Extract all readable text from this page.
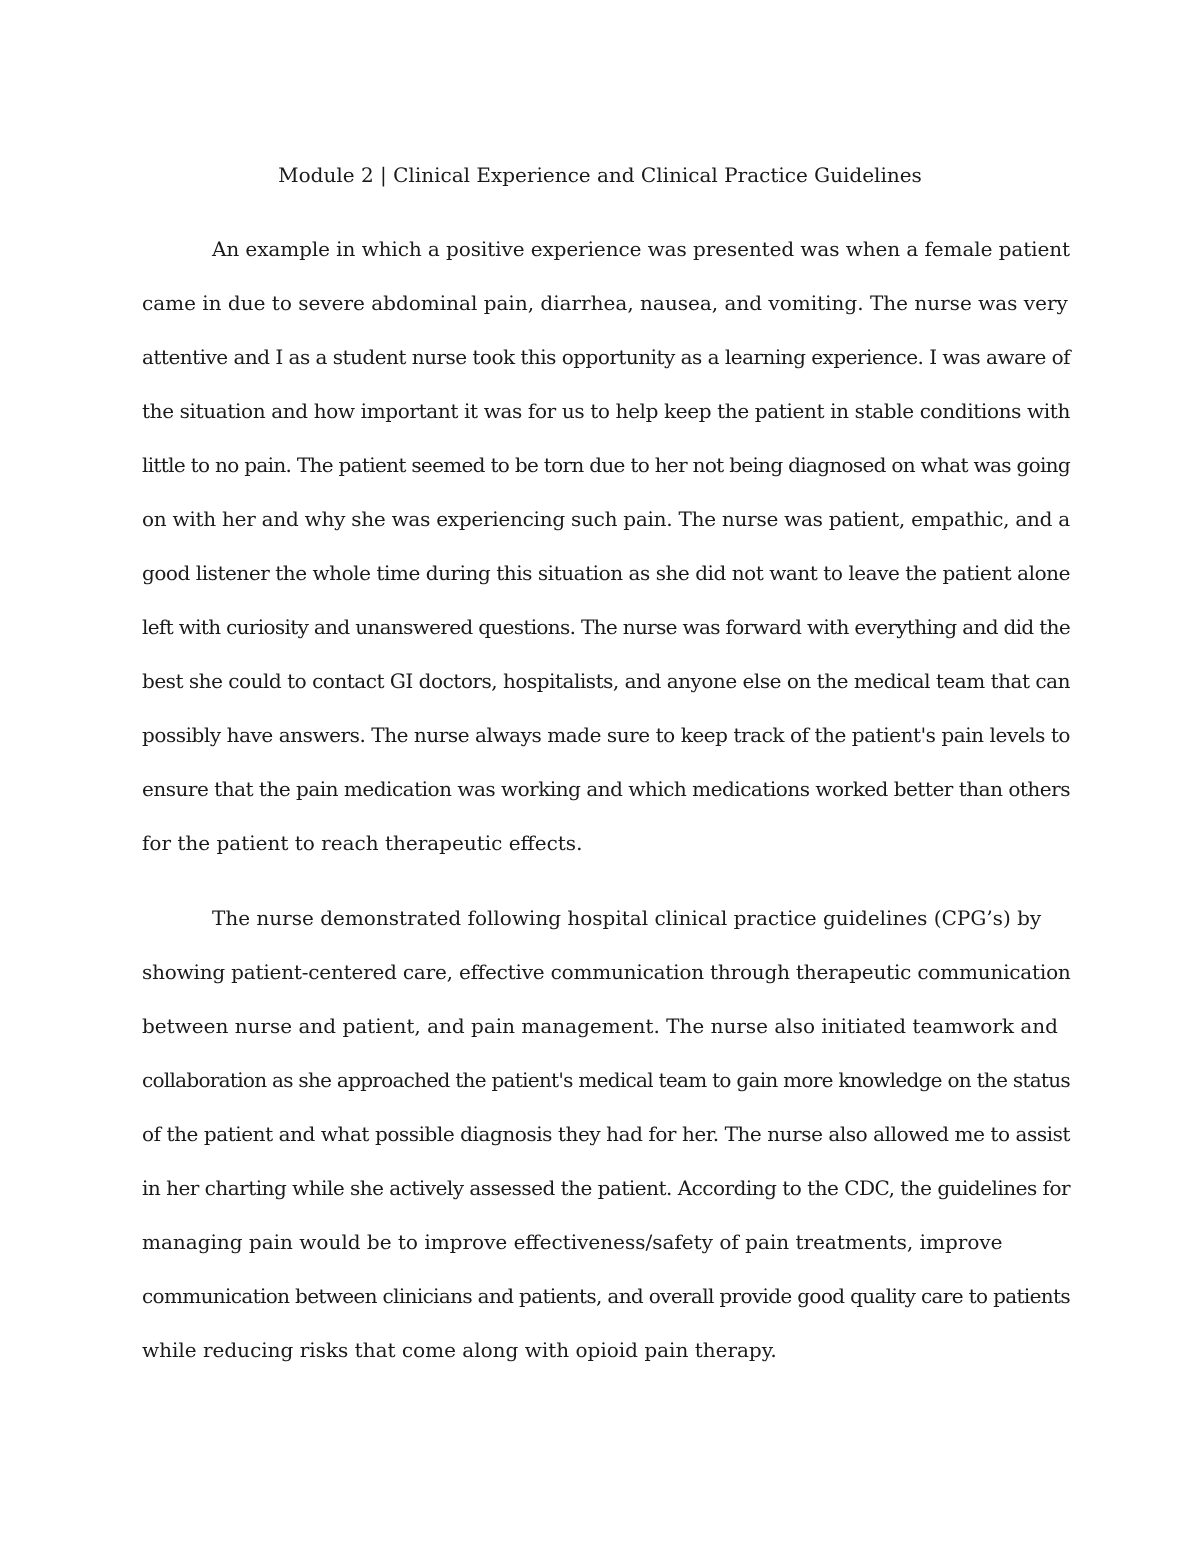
Module 2 | Clinical Experience and Clinical Practice Guidelines
An example in which a positive experience was presented was when a female patient
came in due to severe abdominal pain, diarrhea, nausea, and vomiting. The nurse was very
attentive and I as a student nurse took this opportunity as a learning experience. I was aware of
the situation and how important it was for us to help keep the patient in stable conditions with
little to no pain. The patient seemed to be torn due to her not being diagnosed on what was going
on with her and why she was experiencing such pain. The nurse was patient, empathic, and a
good listener the whole time during this situation as she did not want to leave the patient alone
left with curiosity and unanswered questions. The nurse was forward with everything and did the
best she could to contact GI doctors, hospitalists, and anyone else on the medical team that can
possibly have answers. The nurse always made sure to keep track of the patient's pain levels to
ensure that the pain medication was working and which medications worked better than others
for the patient to reach therapeutic effects.
The nurse demonstrated following hospital clinical practice guidelines (CPG’s) by
showing patient-centered care, effective communication through therapeutic communication
between nurse and patient, and pain management. The nurse also initiated teamwork and
collaboration as she approached the patient's medical team to gain more knowledge on the status
of the patient and what possible diagnosis they had for her. The nurse also allowed me to assist
in her charting while she actively assessed the patient. According to the CDC, the guidelines for
managing pain would be to improve effectiveness/safety of pain treatments, improve
communication between clinicians and patients, and overall provide good quality care to patients
while reducing risks that come along with opioid pain therapy.
